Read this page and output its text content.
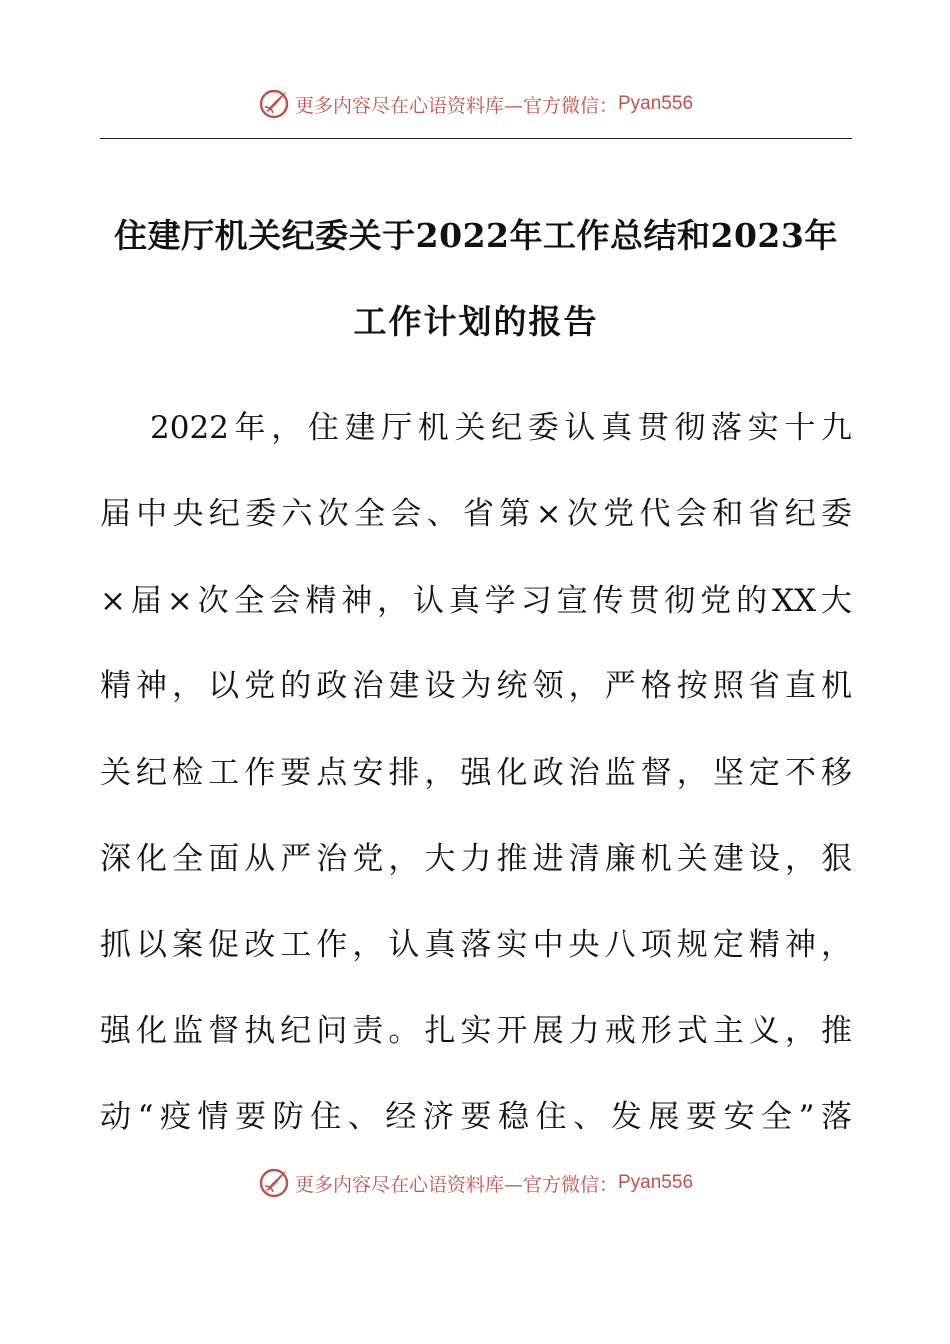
更多内容尽在心语资料库—官方微信： Pyan556
住建厅机关纪委关于2022年工作总结和2023年
工作计划的报告
2022年，住建厅机关纪委认真贯彻落实十九
届中央纪委六次全会、省第×次党代会和省纪委
×届×次全会精神，认真学习宣传贯彻党的XX大
精神，以党的政治建设为统领，严格按照省直机
关纪检工作要点安排，强化政治监督，坚定不移
深化全面从严治党，大力推进清廉机关建设，狠
抓以案促改工作，认真落实中央八项规定精神，
强化监督执纪问责。扎实开展力戒形式主义，推
动“疫情要防住、经济要稳住、发展要安全”落
更多内容尽在心语资料库—官方微信： Pyan556
